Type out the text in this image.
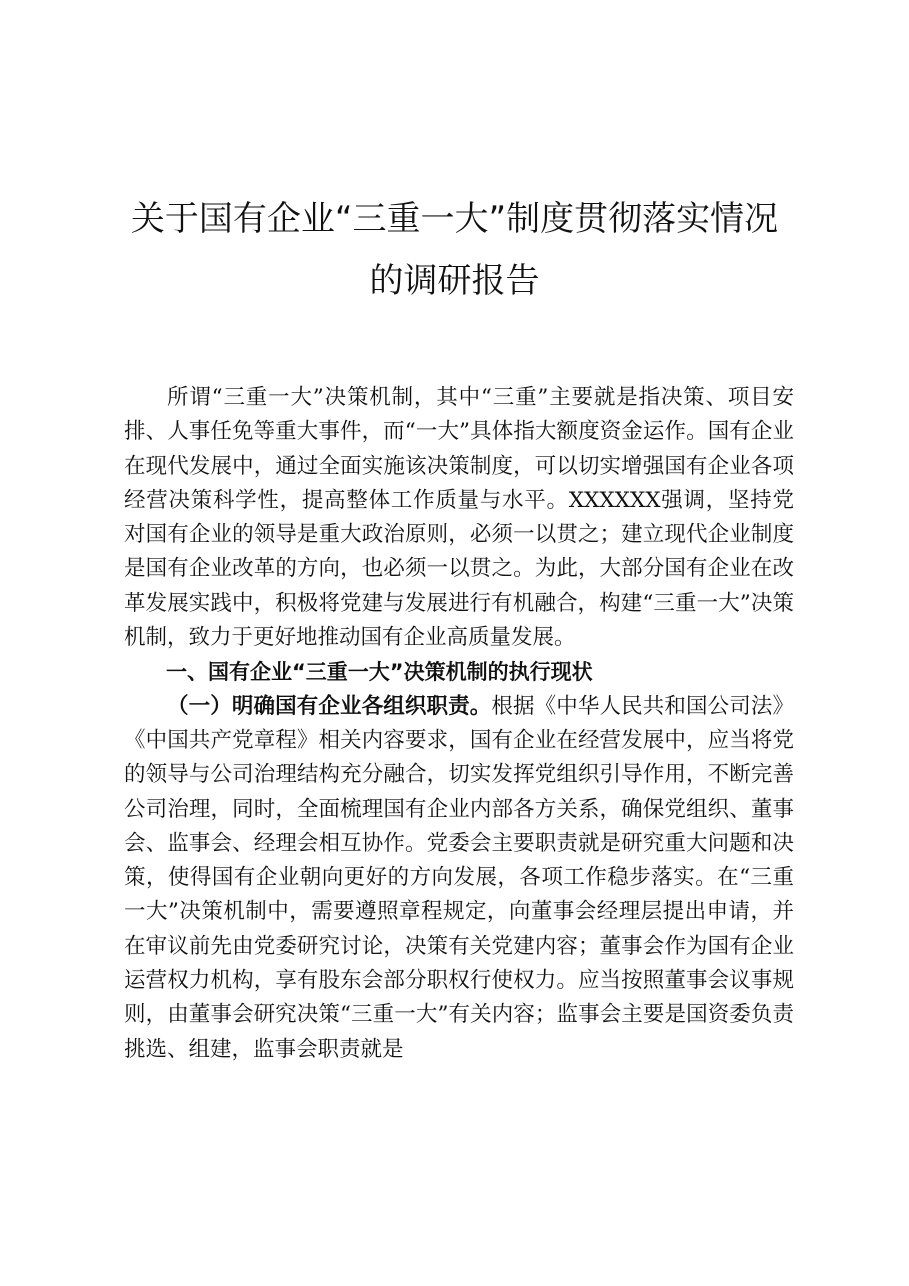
关于国有企业“三重一大”制度贯彻落实情况
的调研报告

所谓“三重一大”决策机制，其中“三重”主要就是指决策、项目安排、人事任免等重大事件，而“一大”具体指大额度资金运作。国有企业在现代发展中，通过全面实施该决策制度，可以切实增强国有企业各项经营决策科学性，提高整体工作质量与水平。XXXXXX强调，坚持党对国有企业的领导是重大政治原则，必须一以贯之；建立现代企业制度是国有企业改革的方向，也必须一以贯之。为此，大部分国有企业在改革发展实践中，积极将党建与发展进行有机融合，构建“三重一大”决策机制，致力于更好地推动国有企业高质量发展。

一、国有企业“三重一大”决策机制的执行现状

（一）明确国有企业各组织职责。根据《中华人民共和国公司法》《中国共产党章程》相关内容要求，国有企业在经营发展中，应当将党的领导与公司治理结构充分融合，切实发挥党组织引导作用，不断完善公司治理，同时，全面梳理国有企业内部各方关系，确保党组织、董事会、监事会、经理会相互协作。党委会主要职责就是研究重大问题和决策，使得国有企业朝向更好的方向发展，各项工作稳步落实。在“三重一大”决策机制中，需要遵照章程规定，向董事会经理层提出申请，并在审议前先由党委研究讨论，决策有关党建内容；董事会作为国有企业运营权力机构，享有股东会部分职权行使权力。应当按照董事会议事规则，由董事会研究决策“三重一大”有关内容；监事会主要是国资委负责挑选、组建，监事会职责就是
